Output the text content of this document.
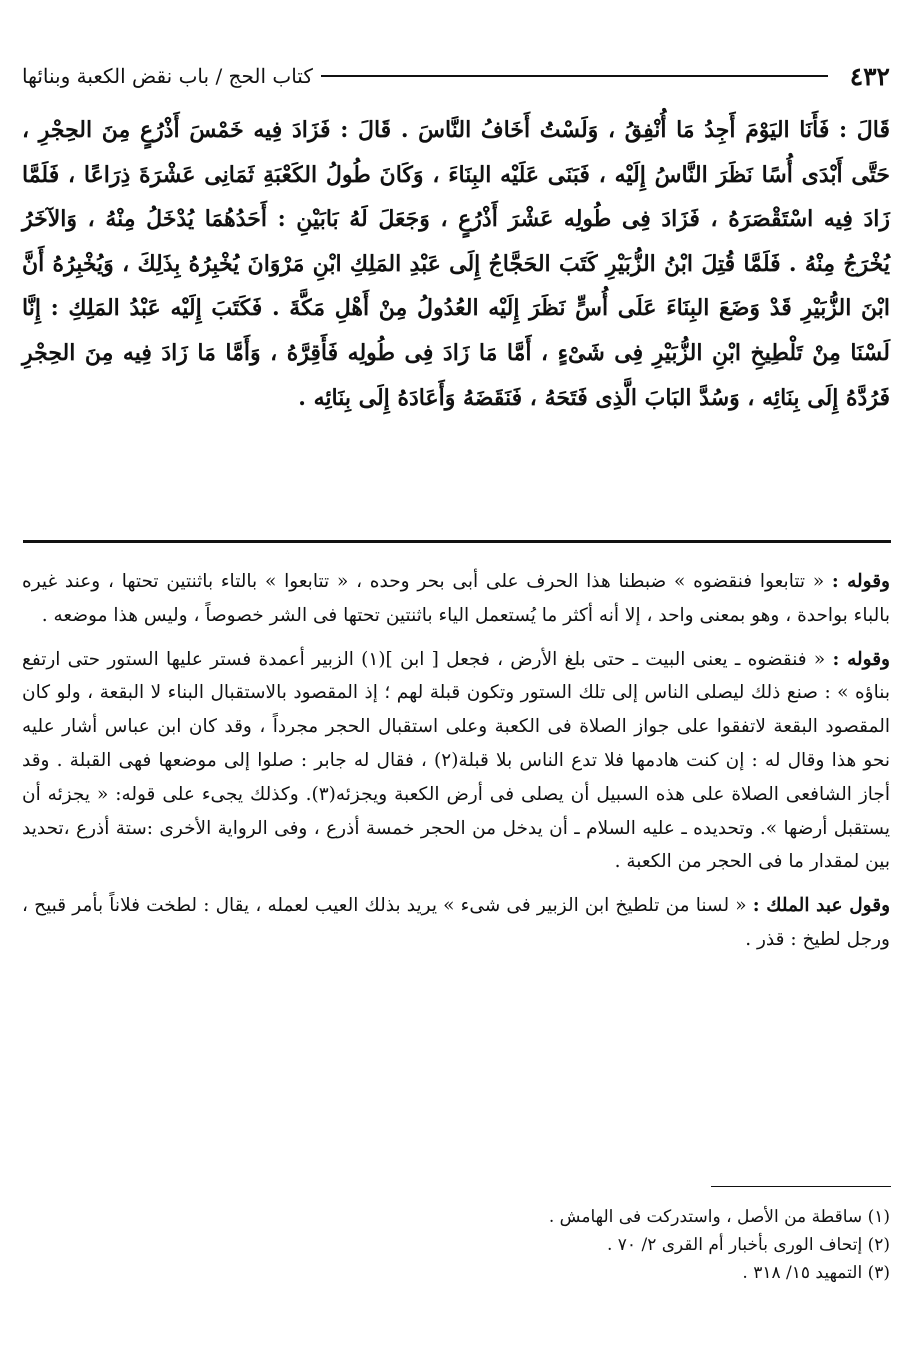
٤٣٢
كتاب الحج / باب نقض الكعبة وبنائها
قَالَ : فَأَنَا اليَوْمَ أَجِدُ مَا أُنْفِقُ ، وَلَسْتُ أَخَافُ النَّاسَ . قَالَ : فَزَادَ فِيه خَمْسَ أَذْرُعٍ مِنَ الحِجْرِ ، حَتَّى أَبْدَى أُسًا نَظَرَ النَّاسُ إِلَيْه ، فَبَنَى عَلَيْه البِنَاءَ ، وَكَانَ طُولُ الكَعْبَةِ ثَمَانِى عَشْرَةَ ذِرَاعًا ، فَلَمَّا زَادَ فِيه اسْتَقْصَرَهُ ، فَزَادَ فِى طُولِه عَشْرَ أَذْرُعٍ ، وَجَعَلَ لَهُ بَابَيْنِ : أَحَدُهُمَا يُدْخَلُ مِنْهُ ، وَالآخَرُ يُخْرَجُ مِنْهُ . فَلَمَّا قُتِلَ ابْنُ الزُّبَيْرِ كَتَبَ الحَجَّاجُ إِلَى عَبْدِ المَلِكِ ابْنِ مَرْوَانَ يُخْبِرُهُ بِذَلِكَ ، وَيُخْبِرُهُ أَنَّ ابْنَ الزُّبَيْرِ قَدْ وَضَعَ البِنَاءَ عَلَى أُسٍّ نَظَرَ إِلَيْه العُدُولُ مِنْ أَهْلِ مَكَّةَ . فَكَتَبَ إِلَيْه عَبْدُ المَلِكِ : إِنَّا لَسْنَا مِنْ تَلْطِيخِ ابْنِ الزُّبَيْرِ فِى شَىْءٍ ، أَمَّا مَا زَادَ فِى طُولِه فَأَقِرَّهُ ، وَأَمَّا مَا زَادَ فِيه مِنَ الحِجْرِ فَرُدَّهُ إِلَى بِنَائِه ، وَسُدَّ البَابَ الَّذِى فَتَحَهُ ، فَنَقَضَهُ وَأَعَادَهُ إِلَى بِنَائِه .

وقوله : « تتابعوا فنقضوه » ضبطنا هذا الحرف على أبى بحر وحده ، « تتابعوا » بالتاء باثنتين تحتها ، وعند غيره بالباء بواحدة ، وهو بمعنى واحد ، إلا أنه أكثر ما يُستعمل الياء باثنتين تحتها فى الشر خصوصاً ، وليس هذا موضعه .

وقوله : « فنقضوه ـ يعنى البيت ـ حتى بلغ الأرض ، فجعل [ ابن ](١) الزبير أعمدة فستر عليها الستور حتى ارتفع بناؤه » : صنع ذلك ليصلى الناس إلى تلك الستور وتكون قبلة لهم ؛ إذ المقصود بالاستقبال البناء لا البقعة ، ولو كان المقصود البقعة لاتفقوا على جواز الصلاة فى الكعبة وعلى استقبال الحجر مجرداً ، وقد كان ابن عباس أشار عليه نحو هذا وقال له : إن كنت هادمها فلا تدع الناس بلا قبلة(٢) ، فقال له جابر : صلوا إلى موضعها فهى القبلة . وقد أجاز الشافعى الصلاة على هذه السبيل أن يصلى فى أرض الكعبة ويجزئه(٣). وكذلك يجىء على قوله: « يجزئه أن يستقبل أرضها ». وتحديده ـ عليه السلام ـ أن يدخل من الحجر خمسة أذرع ، وفى الرواية الأخرى :ستة أذرع ،تحديد بين لمقدار ما فى الحجر من الكعبة .

وقول عبد الملك : « لسنا من تلطيخ ابن الزبير فى شىء » يريد بذلك العيب لعمله ، يقال : لطخت فلاناً بأمر قبيح ، ورجل لطيخ : قذر .

(١) ساقطة من الأصل ، واستدركت فى الهامش .
(٢) إتحاف الورى بأخبار أم القرى ٢/ ٧٠ .
(٣) التمهيد ١٥/ ٣١٨ .
